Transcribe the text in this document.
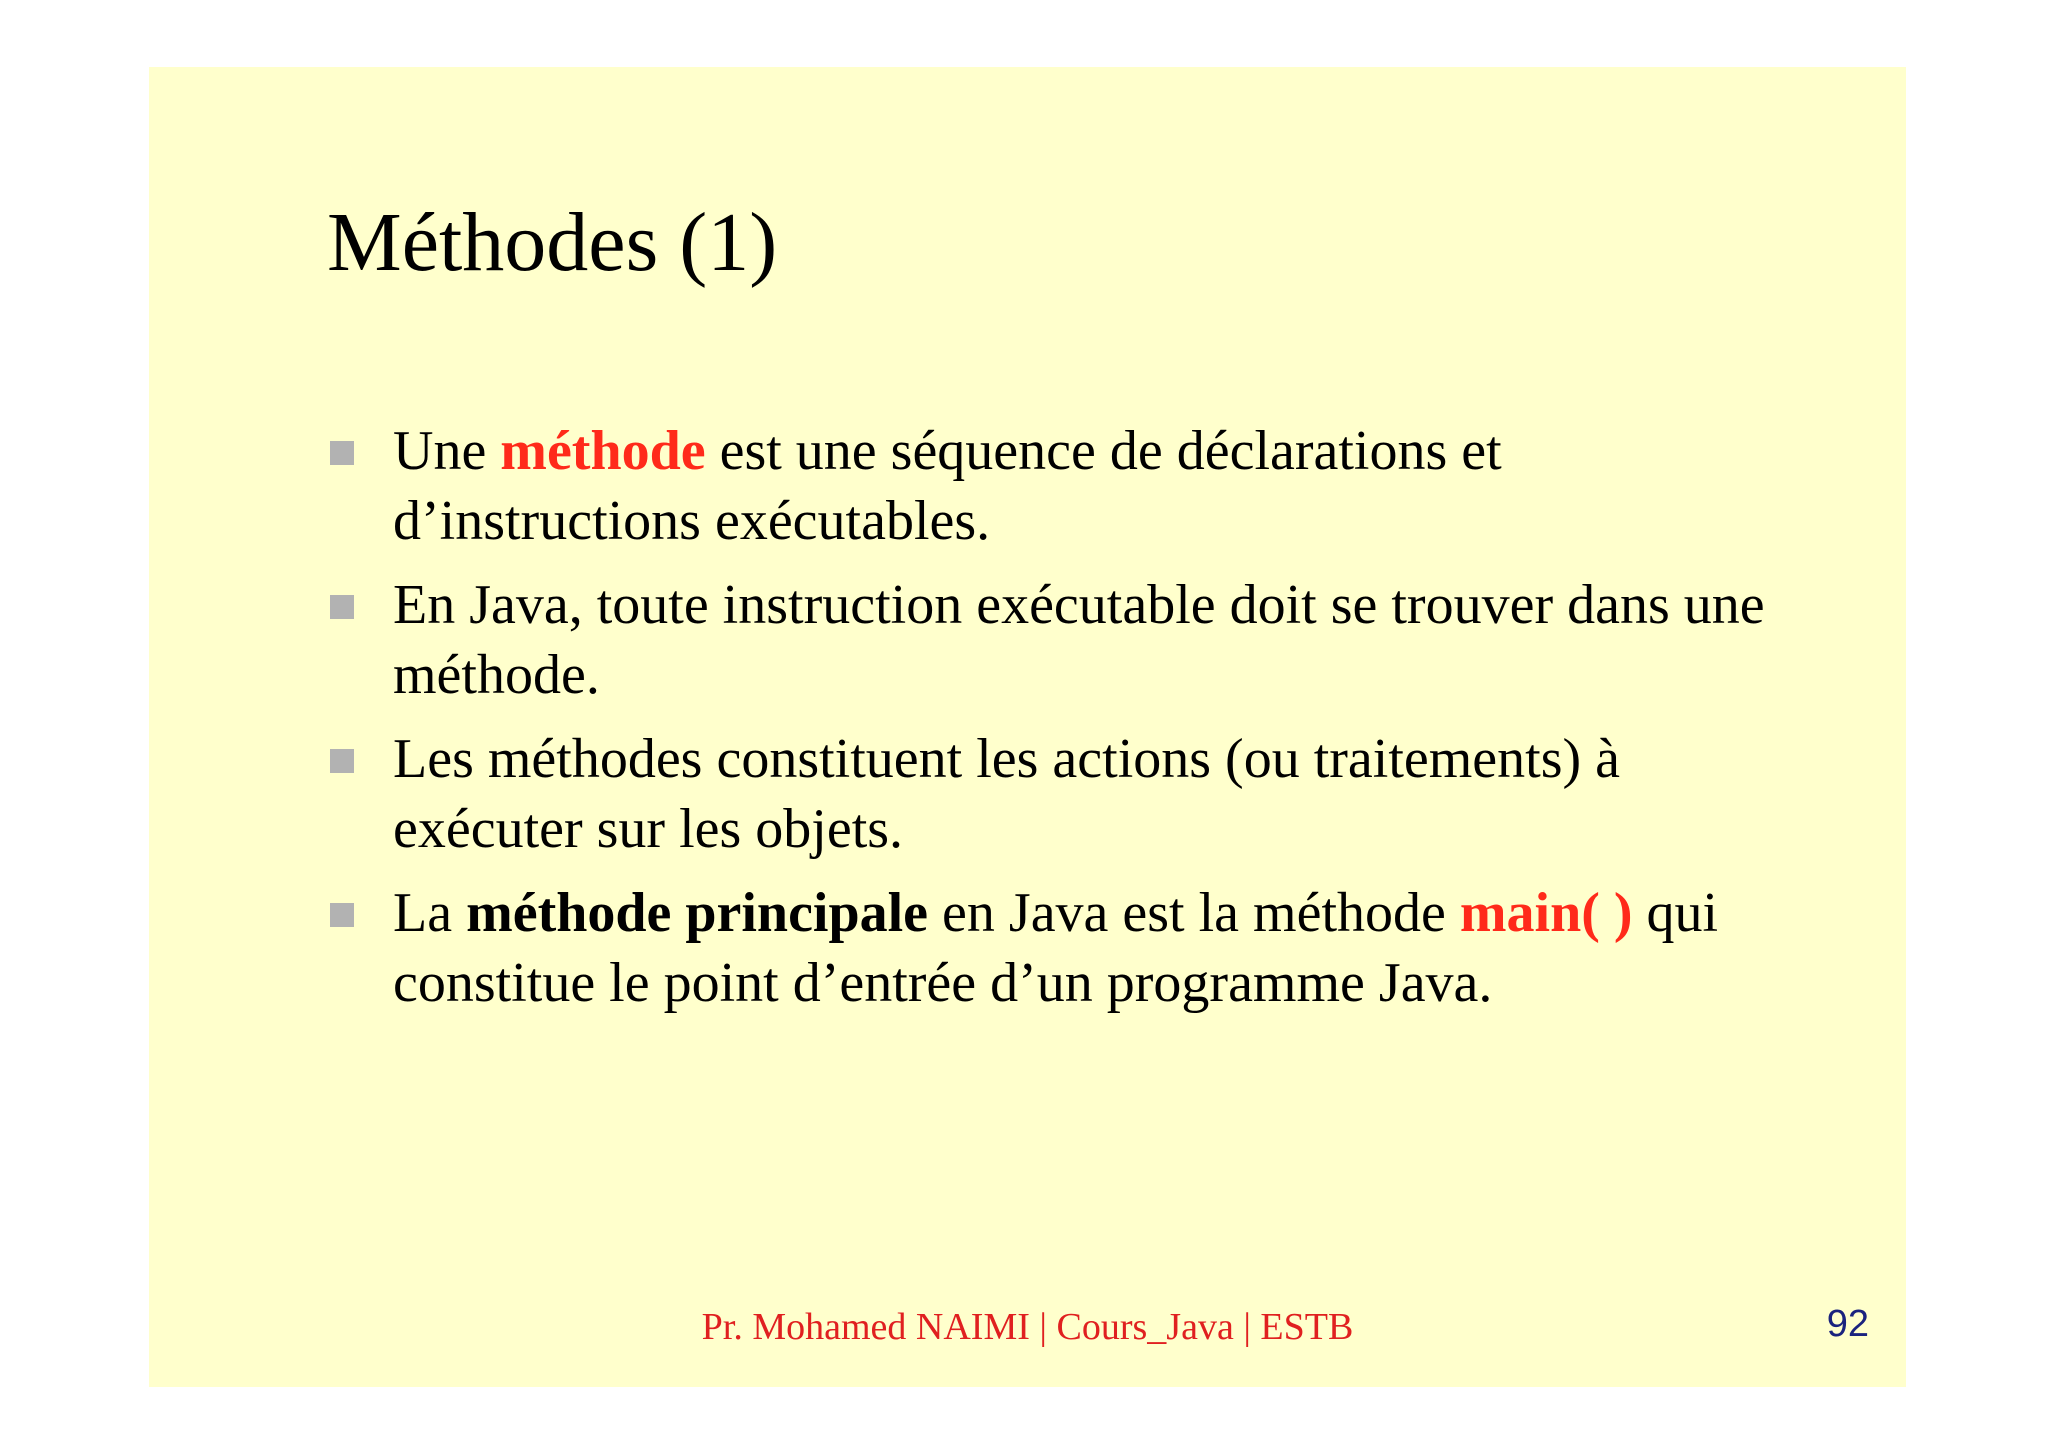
Méthodes (1)
Une méthode est une séquence de déclarations et d’instructions exécutables.
En Java, toute instruction exécutable doit se trouver dans une méthode.
Les méthodes constituent les actions (ou traitements) à exécuter sur les objets.
La méthode principale en Java est la méthode main( ) qui constitue le point d’entrée d’un programme Java.
Pr. Mohamed NAIMI | Cours_Java | ESTB	92
